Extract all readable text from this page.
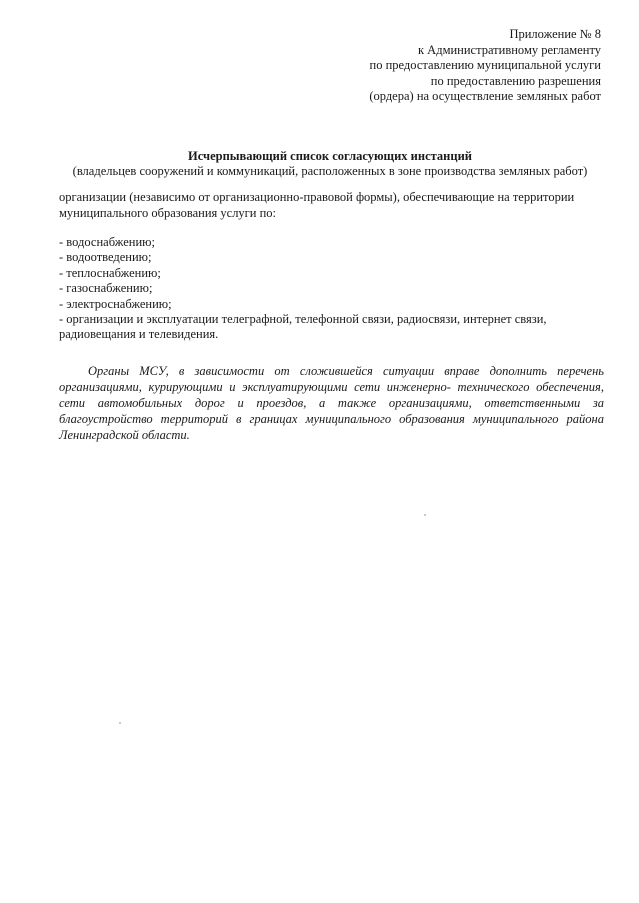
Приложение № 8
к Административному регламенту
по предоставлению муниципальной услуги
по предоставлению разрешения
(ордера) на осуществление земляных работ
Исчерпывающий список согласующих инстанций
(владельцев сооружений и коммуникаций, расположенных в зоне производства земляных работ)
организации (независимо от организационно-правовой формы), обеспечивающие на территории муниципального образования услуги по:
- водоснабжению;
- водоотведению;
- теплоснабжению;
- газоснабжению;
- электроснабжению;
- организации и эксплуатации телеграфной, телефонной связи, радиосвязи, интернет связи, радиовещания и телевидения.

Органы МСУ, в зависимости от сложившейся ситуации вправе дополнить перечень организациями, курирующими и эксплуатирующими сети инженерно- технического обеспечения, сети автомобильных дорог и проездов, а также организациями, ответственными за благоустройство территорий в границах муниципального образования муниципального района Ленинградской области.
